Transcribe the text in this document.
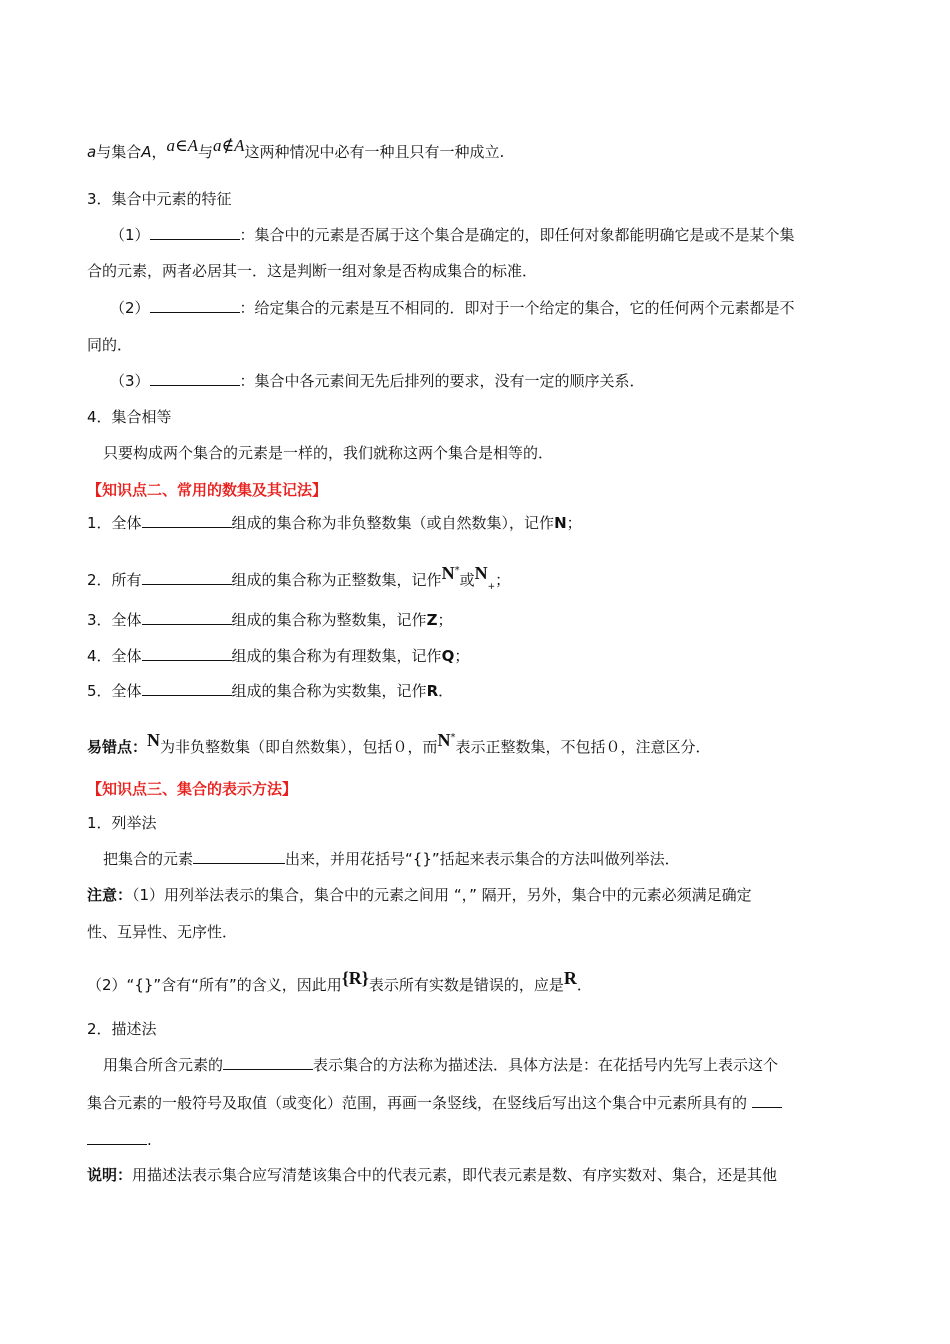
a与集合A，a∈A与a∉A这两种情况中必有一种且只有一种成立.
3．集合中元素的特征
（1）	：集合中的元素是否属于这个集合是确定的，即任何对象都能明确它是或不是某个集
合的元素，两者必居其一．这是判断一组对象是否构成集合的标准．
（2）	：给定集合的元素是互不相同的．即对于一个给定的集合，它的任何两个元素都是不
同的．
（3）	：集合中各元素间无先后排列的要求，没有一定的顺序关系．
4．集合相等
只要构成两个集合的元素是一样的，我们就称这两个集合是相等的．
【知识点二、常用的数集及其记法】
1．全体	组成的集合称为非负整数集（或自然数集），记作N；
2．所有	组成的集合称为正整数集，记作N*或$N_+$；
3．全体	组成的集合称为整数集，记作Z；
4．全体	组成的集合称为有理数集，记作Q；
5．全体	组成的集合称为实数集，记作R．
易错点：N为非负整数集（即自然数集），包括０，而N*表示正整数集，不包括０，注意区分．
【知识点三、集合的表示方法】
1．列举法
把集合的元素	出来，并用花括号“{}”括起来表示集合的方法叫做列举法．
注意：（1）用列举法表示的集合，集合中的元素之间用 “，” 隔开，另外，集合中的元素必须满足确定
性、互异性、无序性．
（2）“{}”含有“所有”的含义，因此用{R}表示所有实数是错误的，应是R．
2．描述法
用集合所含元素的	表示集合的方法称为描述法．具体方法是：在花括号内先写上表示这个
集合元素的一般符号及取值（或变化）范围，再画一条竖线，在竖线后写出这个集合中元素所具有的
.
说明：用描述法表示集合应写清楚该集合中的代表元素，即代表元素是数、有序实数对、集合，还是其他
